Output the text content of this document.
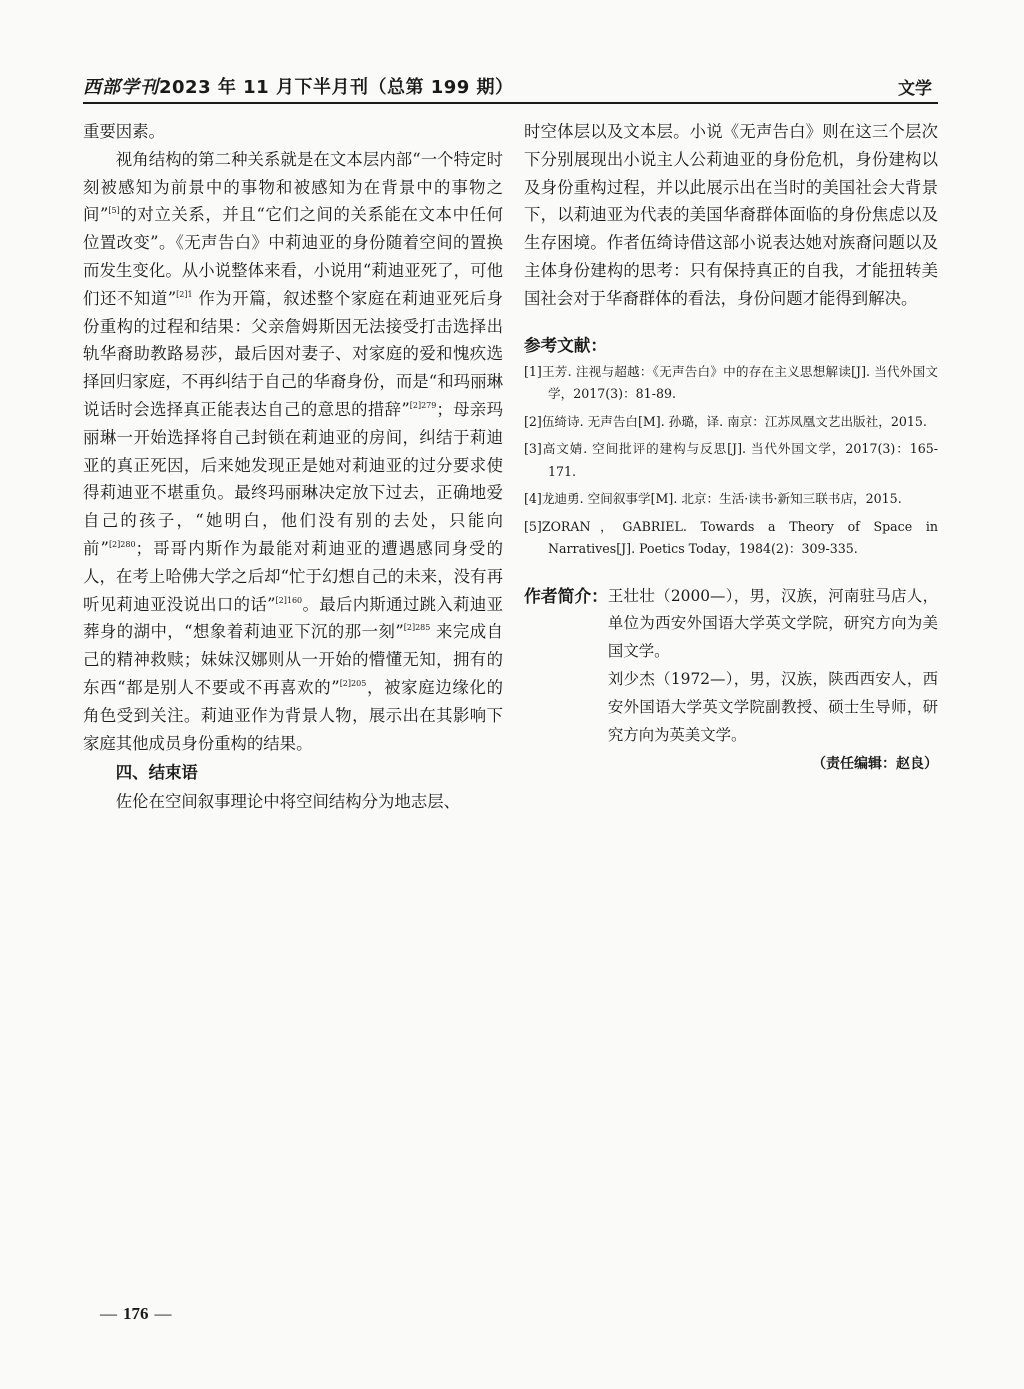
西部学刊2023 年 11 月下半月刊（总第 199 期）	文学

重要因素。

视角结构的第二种关系就是在文本层内部“一个特定时刻被感知为前景中的事物和被感知为在背景中的事物之间”[5]的对立关系，并且“它们之间的关系能在文本中任何位置改变”。《无声告白》中莉迪亚的身份随着空间的置换而发生变化。从小说整体来看，小说用“莉迪亚死了，可他们还不知道”$^{[2]1}$ 作为开篇，叙述整个家庭在莉迪亚死后身份重构的过程和结果：父亲詹姆斯因无法接受打击选择出轨华裔助教路易莎，最后因对妻子、对家庭的爱和愧疚选择回归家庭，不再纠结于自己的华裔身份，而是“和玛丽琳说话时会选择真正能表达自己的意思的措辞”$^{[2]279}$；母亲玛丽琳一开始选择将自己封锁在莉迪亚的房间，纠结于莉迪亚的真正死因，后来她发现正是她对莉迪亚的过分要求使得莉迪亚不堪重负。最终玛丽琳决定放下过去，正确地爱自己的孩子，“她明白，他们没有别的去处，只能向前”$^{[2]280}$；哥哥内斯作为最能对莉迪亚的遭遇感同身受的人，在考上哈佛大学之后却“忙于幻想自己的未来，没有再听见莉迪亚没说出口的话”$^{[2]160}$。最后内斯通过跳入莉迪亚葬身的湖中，“想象着莉迪亚下沉的那一刻”$^{[2]285}$ 来完成自己的精神救赎；妹妹汉娜则从一开始的懵懂无知，拥有的东西“都是别人不要或不再喜欢的”$^{[2]205}$，被家庭边缘化的角色受到关注。莉迪亚作为背景人物，展示出在其影响下家庭其他成员身份重构的结果。

四、结束语

佐伦在空间叙事理论中将空间结构分为地志层、

时空体层以及文本层。小说《无声告白》则在这三个层次下分别展现出小说主人公莉迪亚的身份危机，身份建构以及身份重构过程，并以此展示出在当时的美国社会大背景下，以莉迪亚为代表的美国华裔群体面临的身份焦虑以及生存困境。作者伍绮诗借这部小说表达她对族裔问题以及主体身份建构的思考：只有保持真正的自我，才能扭转美国社会对于华裔群体的看法，身份问题才能得到解决。

参考文献：

[1]王芳. 注视与超越：《无声告白》中的存在主义思想解读[J]. 当代外国文学，2017(3)：81-89.

[2]伍绮诗. 无声告白[M]. 孙璐，译. 南京：江苏凤凰文艺出版社，2015.

[3]高文婧. 空间批评的建构与反思[J]. 当代外国文学，2017(3)：165-171.

[4]龙迪勇. 空间叙事学[M]. 北京：生活·读书·新知三联书店，2015.

[5]ZORAN，GABRIEL. Towards a Theory of Space in Narratives[J]. Poetics Today，1984(2)：309-335.

作者简介： 王壮壮（2000—），男，汉族，河南驻马店人，单位为西安外国语大学英文学院，研究方向为美国文学。

刘少杰（1972—），男，汉族，陕西西安人，西安外国语大学英文学院副教授、硕士生导师，研究方向为英美文学。

（责任编辑：赵良）
— 176 —
